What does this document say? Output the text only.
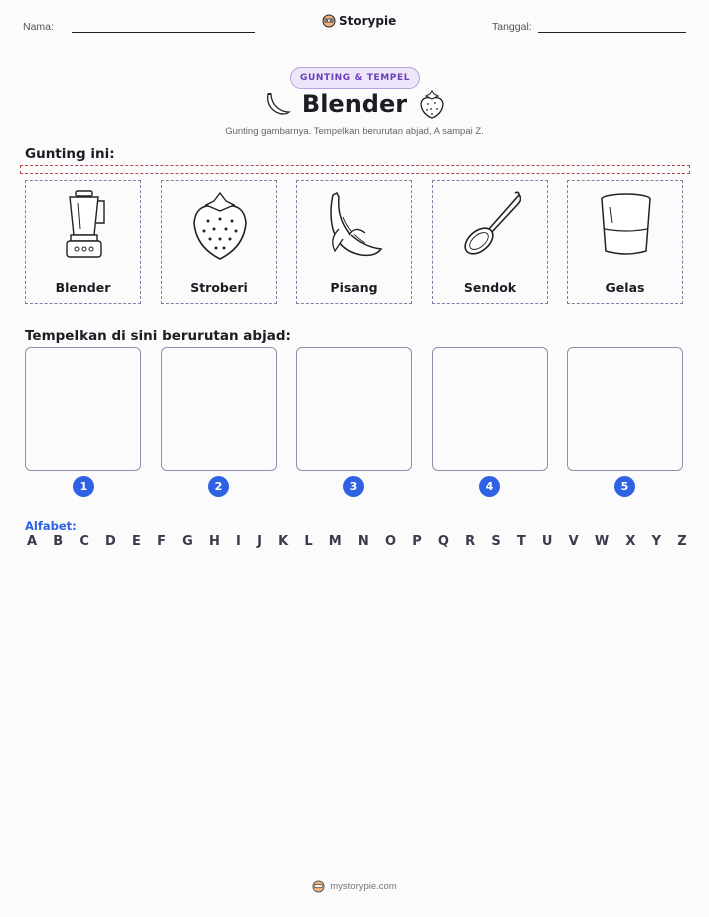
Nama:	Storypie	Tanggal:
GUNTING & TEMPEL
Blender
Gunting gambarnya. Tempelkan berurutan abjad, A sampai Z.
Gunting ini:
Blender	Stroberi	Pisang	Sendok	Gelas
Tempelkan di sini berurutan abjad:
1	2	3	4	5
Alfabet:
A B C D E F G H I J K L M N O P Q R S T U V W X Y Z
mystorypie.com
